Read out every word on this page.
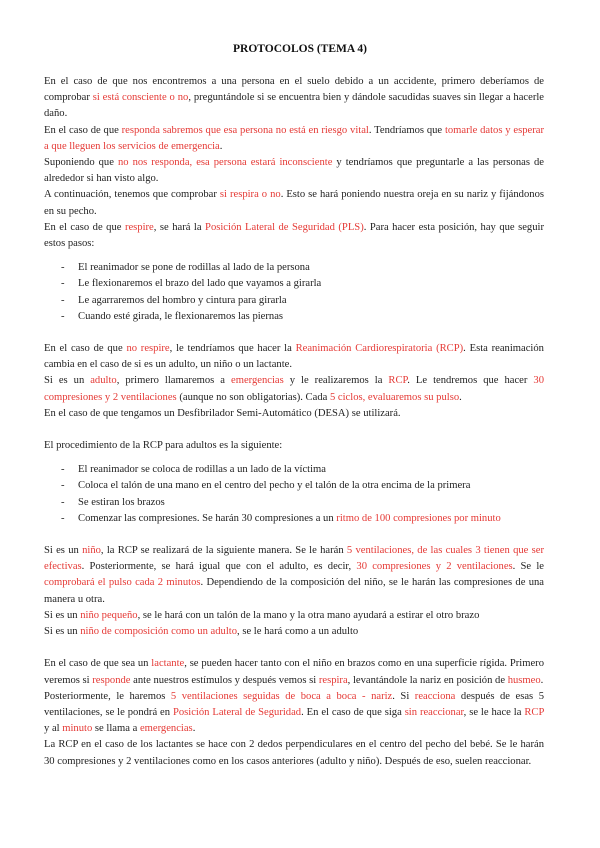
PROTOCOLOS (TEMA 4)

En el caso de que nos encontremos a una persona en el suelo debido a un accidente, primero deberíamos de comprobar si está consciente o no, preguntándole si se encuentra bien y dándole sacudidas suaves sin llegar a hacerle daño.

En el caso de que responda sabremos que esa persona no está en riesgo vital. Tendríamos que tomarle datos y esperar a que lleguen los servicios de emergencia.

Suponiendo que no nos responda, esa persona estará inconsciente y tendríamos que preguntarle a las personas de alrededor si han visto algo.

A continuación, tenemos que comprobar si respira o no. Esto se hará poniendo nuestra oreja en su nariz y fijándonos en su pecho.

En el caso de que respire, se hará la Posición Lateral de Seguridad (PLS). Para hacer esta posición, hay que seguir estos pasos:

- El reanimador se pone de rodillas al lado de la persona
- Le flexionaremos el brazo del lado que vayamos a girarla
- Le agarraremos del hombro y cintura para girarla
- Cuando esté girada, le flexionaremos las piernas

En el caso de que no respire, le tendríamos que hacer la Reanimación Cardiorespiratoria (RCP). Esta reanimación cambia en el caso de si es un adulto, un niño o un lactante.

Si es un adulto, primero llamaremos a emergencias y le realizaremos la RCP. Le tendremos que hacer 30 compresiones y 2 ventilaciones (aunque no son obligatorias). Cada 5 ciclos, evaluaremos su pulso.

En el caso de que tengamos un Desfibrilador Semi-Automático (DESA) se utilizará.

El procedimiento de la RCP para adultos es la siguiente:

- El reanimador se coloca de rodillas a un lado de la víctima
- Coloca el talón de una mano en el centro del pecho y el talón de la otra encima de la primera
- Se estiran los brazos
- Comenzar las compresiones. Se harán 30 compresiones a un ritmo de 100 compresiones por minuto

Si es un niño, la RCP se realizará de la siguiente manera. Se le harán 5 ventilaciones, de las cuales 3 tienen que ser efectivas. Posteriormente, se hará igual que con el adulto, es decir, 30 compresiones y 2 ventilaciones. Se le comprobará el pulso cada 2 minutos. Dependiendo de la composición del niño, se le harán las compresiones de una manera u otra.

Si es un niño pequeño, se le hará con un talón de la mano y la otra mano ayudará a estirar el otro brazo

Si es un niño de composición como un adulto, se le hará como a un adulto

En el caso de que sea un lactante, se pueden hacer tanto con el niño en brazos como en una superficie rígida. Primero veremos si responde ante nuestros estímulos y después vemos si respira, levantándole la nariz en posición de husmeo.

Posteriormente, le haremos 5 ventilaciones seguidas de boca a boca - nariz. Si reacciona después de esas 5 ventilaciones, se le pondrá en Posición Lateral de Seguridad. En el caso de que siga sin reaccionar, se le hace la RCP y al minuto se llama a emergencias.

La RCP en el caso de los lactantes se hace con 2 dedos perpendiculares en el centro del pecho del bebé. Se le harán 30 compresiones y 2 ventilaciones como en los casos anteriores (adulto y niño). Después de eso, suelen reaccionar.
